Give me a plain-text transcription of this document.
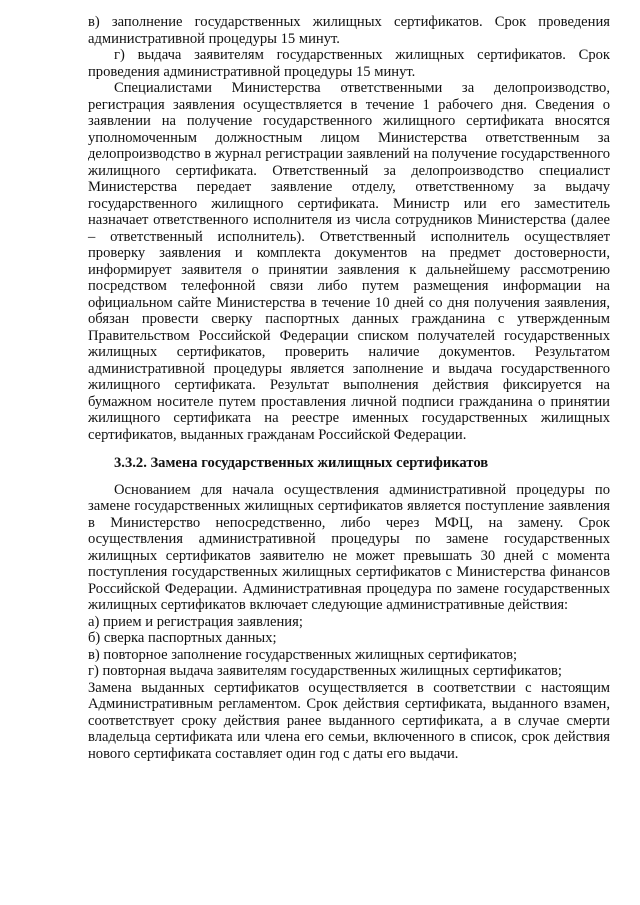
в) заполнение государственных жилищных сертификатов. Срок проведения административной процедуры 15 минут.

г) выдача заявителям государственных жилищных сертификатов. Срок проведения административной процедуры 15 минут.

Специалистами Министерства ответственными за делопроизводство, регистрация заявления осуществляется в течение 1 рабочего дня. Сведения о заявлении на получение государственного жилищного сертификата вносятся уполномоченным должностным лицом Министерства ответственным за делопроизводство в журнал регистрации заявлений на получение государственного жилищного сертификата. Ответственный за делопроизводство специалист Министерства передает заявление отделу, ответственному за выдачу государственного жилищного сертификата. Министр или его заместитель назначает ответственного исполнителя из числа сотрудников Министерства (далее – ответственный исполнитель). Ответственный исполнитель осуществляет проверку заявления и комплекта документов на предмет достоверности, информирует заявителя о принятии заявления к дальнейшему рассмотрению посредством телефонной связи либо путем размещения информации на официальном сайте Министерства в течение 10 дней со дня получения заявления, обязан провести сверку паспортных данных гражданина с утвержденным Правительством Российской Федерации списком получателей государственных жилищных сертификатов, проверить наличие документов. Результатом административной процедуры является заполнение и выдача государственного жилищного сертификата. Результат выполнения действия фиксируется на бумажном носителе путем проставления личной подписи гражданина о принятии жилищного сертификата на реестре именных государственных жилищных сертификатов, выданных гражданам Российской Федерации.

3.3.2. Замена государственных жилищных сертификатов

Основанием для начала осуществления административной процедуры по замене государственных жилищных сертификатов является поступление заявления в Министерство непосредственно, либо через МФЦ, на замену. Срок осуществления административной процедуры по замене государственных жилищных сертификатов заявителю не может превышать 30 дней с момента поступления государственных жилищных сертификатов с Министерства финансов Российской Федерации. Административная процедура по замене государственных жилищных сертификатов включает следующие административные действия:

а) прием и регистрация заявления;

б) сверка паспортных данных;

в) повторное заполнение государственных жилищных сертификатов;

г) повторная выдача заявителям государственных жилищных сертификатов;

Замена выданных сертификатов осуществляется в соответствии с настоящим Административным регламентом. Срок действия сертификата, выданного взамен, соответствует сроку действия ранее выданного сертификата, а в случае смерти владельца сертификата или члена его семьи, включенного в список, срок действия нового сертификата составляет один год с даты его выдачи.
